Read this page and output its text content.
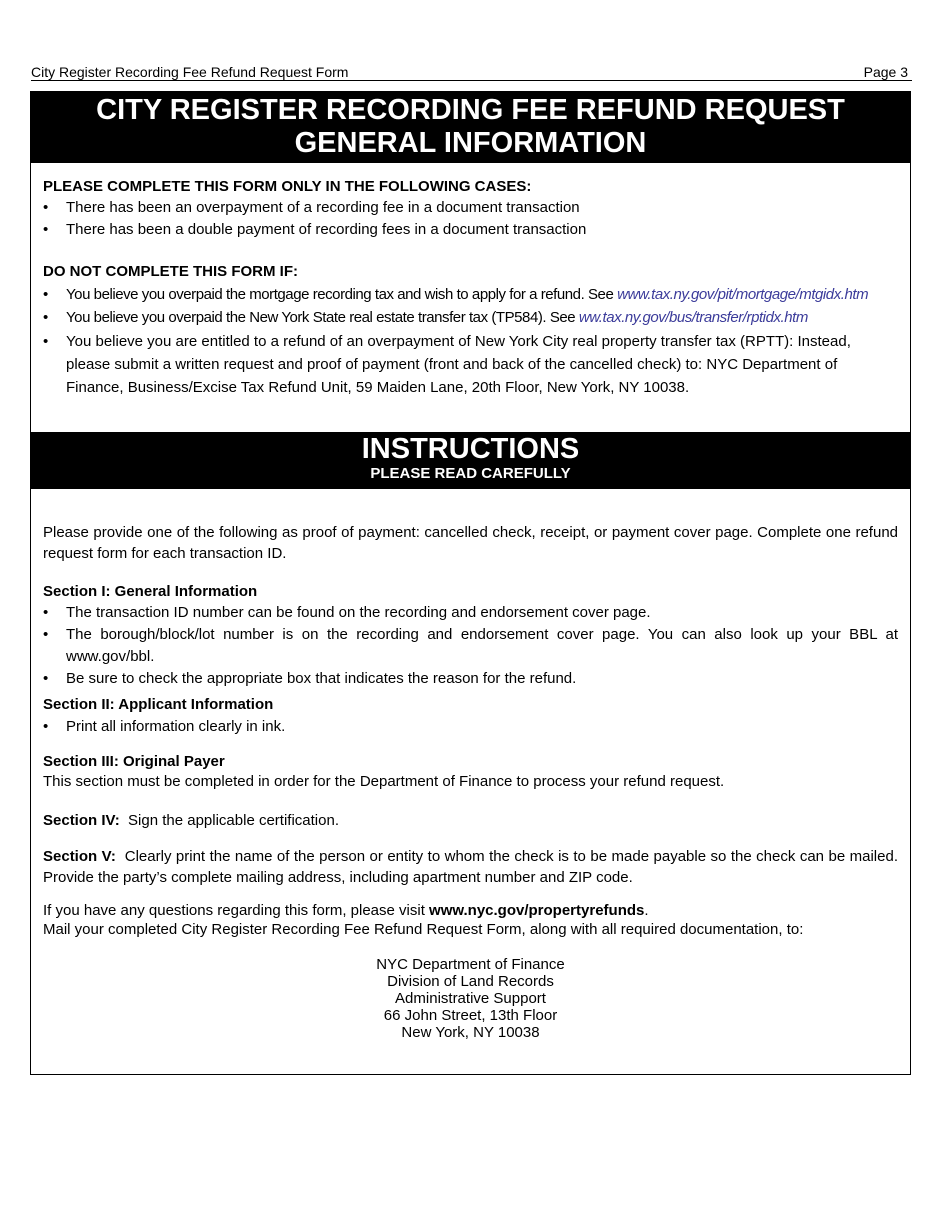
City Register Recording Fee Refund Request Form	Page 3
CITY REGISTER RECORDING FEE REFUND REQUEST
GENERAL INFORMATION
PLEASE COMPLETE THIS FORM ONLY IN THE FOLLOWING CASES:
• There has been an overpayment of a recording fee in a document transaction
• There has been a double payment of recording fees in a document transaction
DO NOT COMPLETE THIS FORM IF:
• You believe you overpaid the mortgage recording tax and wish to apply for a refund. See www.tax.ny.gov/pit/mortgage/mtgidx.htm
• You believe you overpaid the New York State real estate transfer tax (TP584). See ww.tax.ny.gov/bus/transfer/rptidx.htm
• You believe you are entitled to a refund of an overpayment of New York City real property transfer tax (RPTT): Instead, please submit a written request and proof of payment (front and back of the cancelled check) to: NYC Department of Finance, Business/Excise Tax Refund Unit, 59 Maiden Lane, 20th Floor, New York, NY 10038.
INSTRUCTIONS
PLEASE READ CAREFULLY
Please provide one of the following as proof of payment: cancelled check, receipt, or payment cover page. Complete one refund request form for each transaction ID.
Section I: General Information
• The transaction ID number can be found on the recording and endorsement cover page.
• The borough/block/lot number is on the recording and endorsement cover page. You can also look up your BBL at www.gov/bbl.
• Be sure to check the appropriate box that indicates the reason for the refund.
Section II: Applicant Information
• Print all information clearly in ink.
Section III: Original Payer
This section must be completed in order for the Department of Finance to process your refund request.
Section IV:  Sign the applicable certification.
Section V:  Clearly print the name of the person or entity to whom the check is to be made payable so the check can be mailed.  Provide the party’s complete mailing address, including apartment number and ZIP code.
If you have any questions regarding this form, please visit www.nyc.gov/propertyrefunds.
Mail your completed City Register Recording Fee Refund Request Form, along with all required documentation, to:
NYC Department of Finance
Division of Land Records
Administrative Support
66 John Street, 13th Floor
New York, NY 10038
